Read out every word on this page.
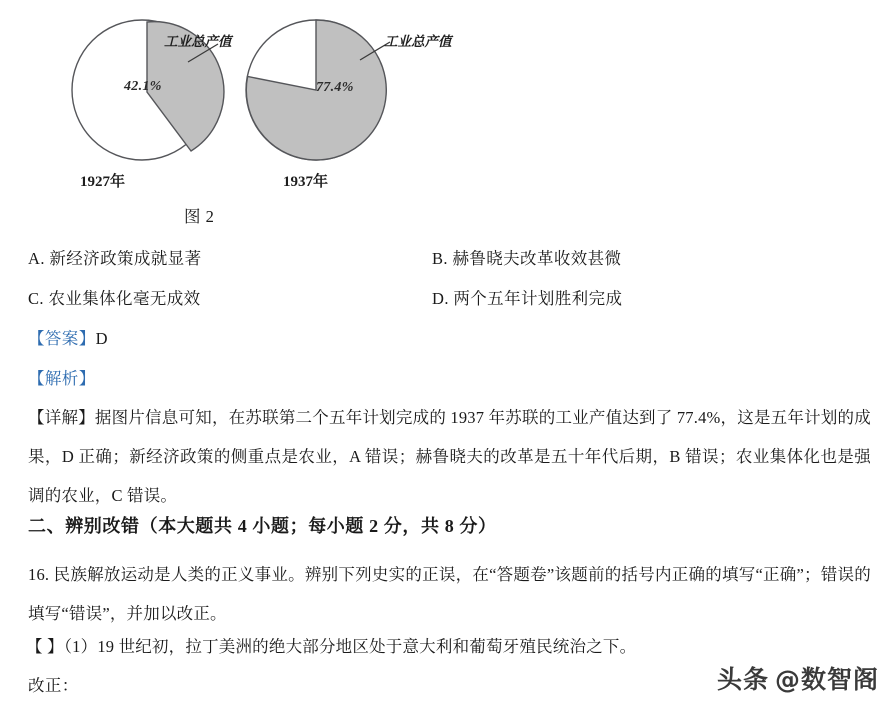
工业总产值
42.1%
1927年
工业总产值
77.4%
1937年
图 2
A. 新经济政策成就显著	B. 赫鲁晓夫改革收效甚微
C. 农业集体化毫无成效	D. 两个五年计划胜利完成
【答案】D
【解析】
【详解】据图片信息可知，在苏联第二个五年计划完成的 1937 年苏联的工业产值达到了 77.4%，这是五年计划的成果，D 正确；新经济政策的侧重点是农业，A 错误；赫鲁晓夫的改革是五十年代后期，B 错误；农业集体化也是强调的农业，C 错误。
二、辨别改错（本大题共 4 小题；每小题 2 分，共 8 分）
16. 民族解放运动是人类的正义事业。辨别下列史实的正误，在“答题卷”该题前的括号内正确的填写“正确”；错误的填写“错误”，并加以改正。
【 】（1）19 世纪初，拉丁美洲的绝大部分地区处于意大利和葡萄牙殖民统治之下。
改正：	头条 @数智阁
